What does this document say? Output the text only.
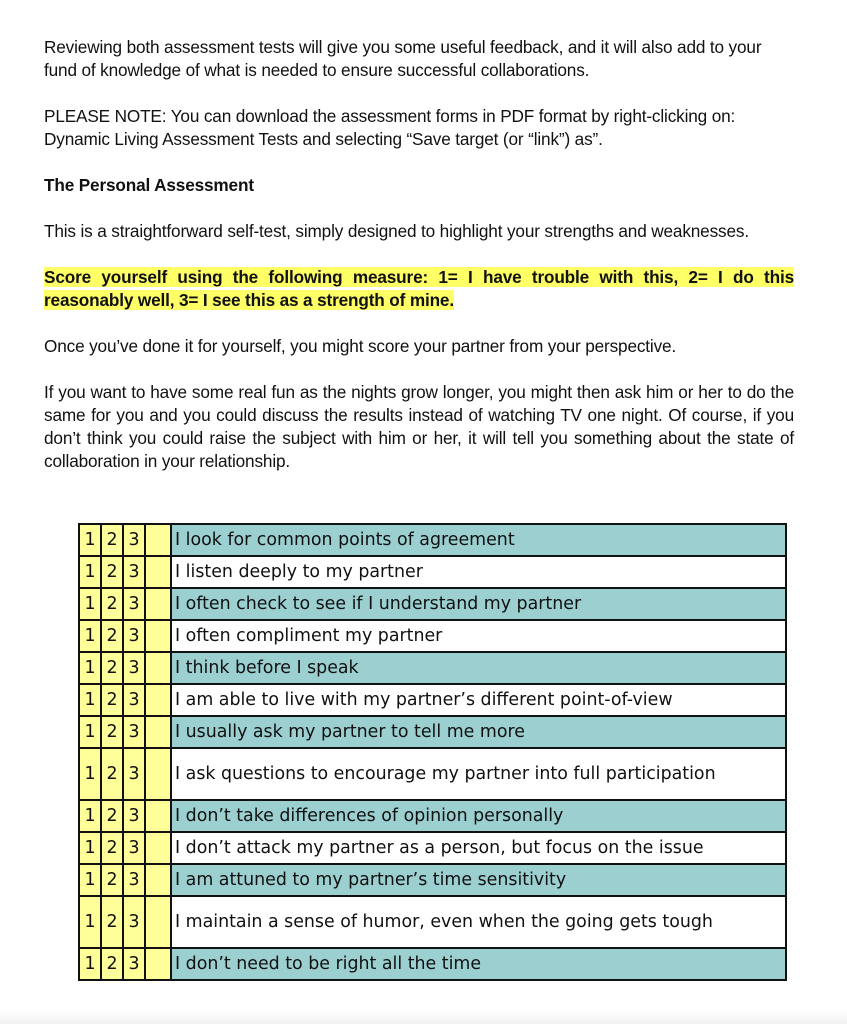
Reviewing both assessment tests will give you some useful feedback, and it will also add to your fund of knowledge of what is needed to ensure successful collaborations.

PLEASE NOTE: You can download the assessment forms in PDF format by right-clicking on: Dynamic Living Assessment Tests and selecting “Save target (or “link”) as”.

The Personal Assessment

This is a straightforward self-test, simply designed to highlight your strengths and weaknesses.

Score yourself using the following measure: 1= I have trouble with this, 2= I do this reasonably well, 3= I see this as a strength of mine.

Once you’ve done it for yourself, you might score your partner from your perspective.

If you want to have some real fun as the nights grow longer, you might then ask him or her to do the same for you and you could discuss the results instead of watching TV one night. Of course, if you don’t think you could raise the subject with him or her, it will tell you something about the state of collaboration in your relationship.

1	2	3		I look for common points of agreement

1	2	3		I listen deeply to my partner

1	2	3		I often check to see if I understand my partner

1	2	3		I often compliment my partner

1	2	3		I think before I speak

1	2	3		I am able to live with my partner’s different point-of-view

1	2	3		I usually ask my partner to tell me more

1	2	3		I ask questions to encourage my partner into full participation

1	2	3		I don’t take differences of opinion personally

1	2	3		I don’t attack my partner as a person, but focus on the issue

1	2	3		I am attuned to my partner’s time sensitivity

1	2	3		I maintain a sense of humor, even when the going gets tough

1	2	3		I don’t need to be right all the time
